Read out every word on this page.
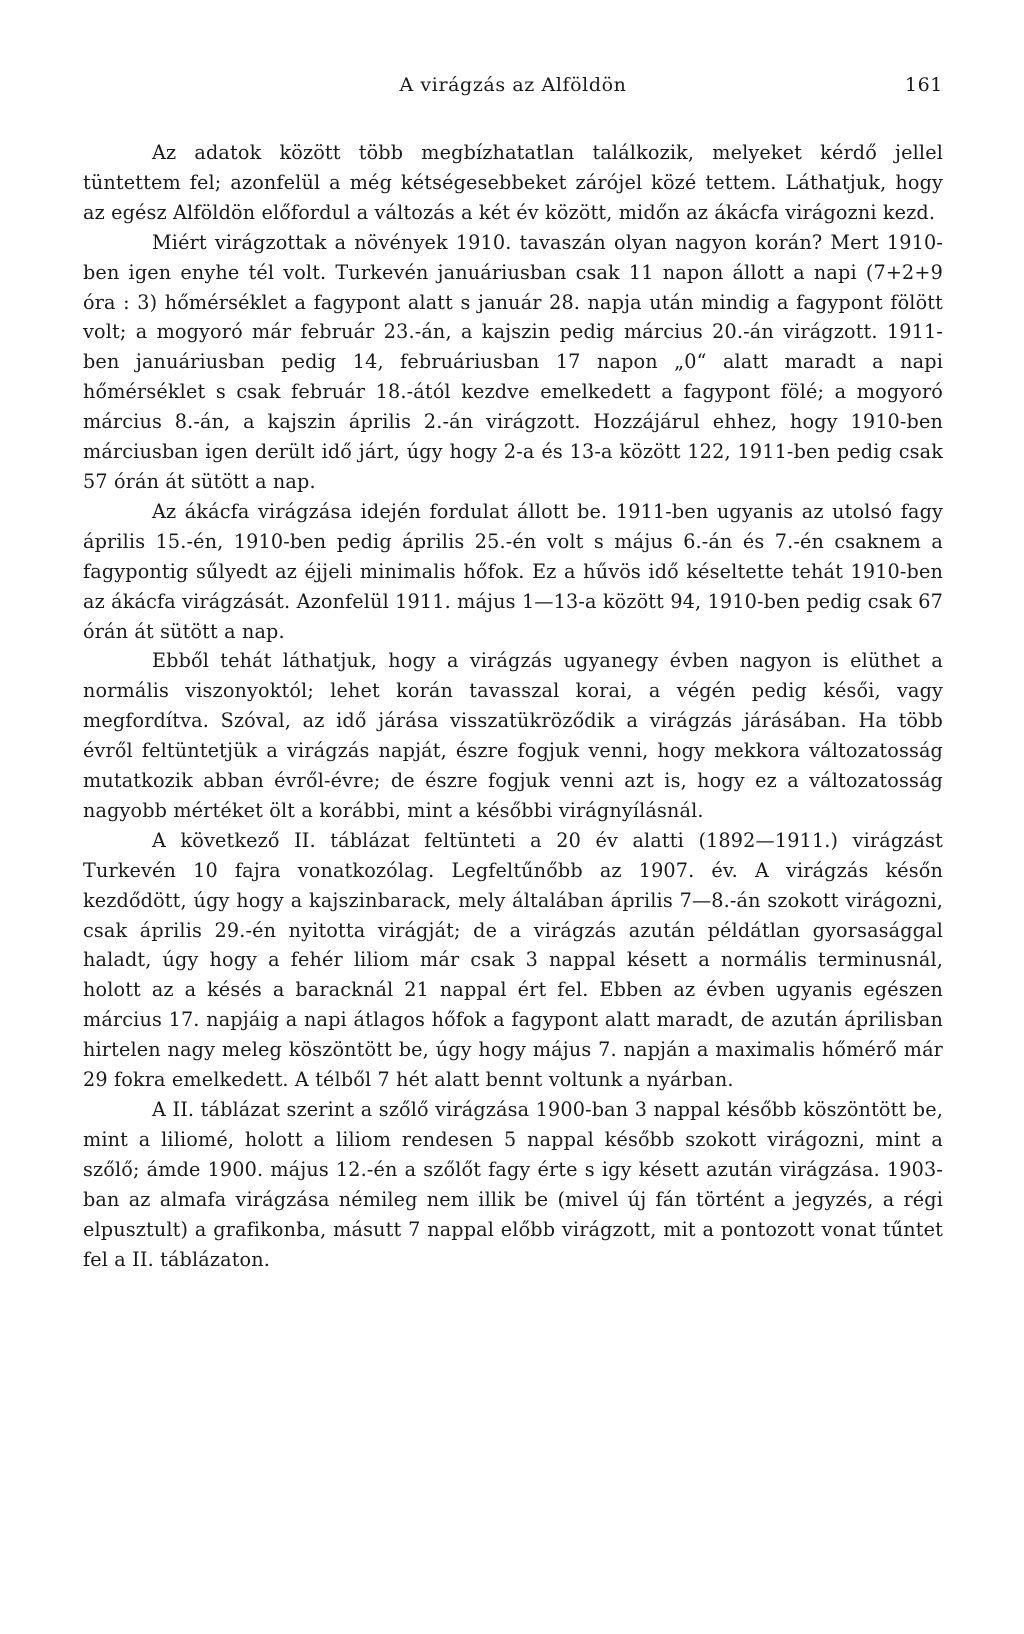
A virágzás az Alföldön	161

Az adatok között több megbízhatatlan találkozik, melyeket kérdő jellel tüntettem fel; azonfelül a még kétségesebbeket zárójel közé tettem. Láthatjuk, hogy az egész Alföldön előfordul a változás a két év között, midőn az ákácfa virágozni kezd.

Miért virágzottak a növények 1910. tavaszán olyan nagyon korán? Mert 1910-ben igen enyhe tél volt. Turkevén januáriusban csak 11 napon állott a napi (7+2+9 óra : 3) hőmérséklet a fagypont alatt s január 28. napja után mindig a fagypont fölött volt; a mogyoró már február 23.-án, a kajszin pedig március 20.-án virágzott. 1911-ben januáriusban pedig 14, februáriusban 17 napon „0“ alatt maradt a napi hőmérséklet s csak február 18.-ától kezdve emelkedett a fagypont fölé; a mogyoró március 8.-án, a kajszin április 2.-án virágzott. Hozzájárul ehhez, hogy 1910-ben márciusban igen derült idő járt, úgy hogy 2-a és 13-a között 122, 1911-ben pedig csak 57 órán át sütött a nap.

Az ákácfa virágzása idején fordulat állott be. 1911-ben ugyanis az utolsó fagy április 15.-én, 1910-ben pedig április 25.-én volt s május 6.-án és 7.-én csaknem a fagypontig sűlyedt az éjjeli minimalis hőfok. Ez a hűvös idő késeltette tehát 1910-ben az ákácfa virágzását. Azonfelül 1911. május 1—13-a között 94, 1910-ben pedig csak 67 órán át sütött a nap.

Ebből tehát láthatjuk, hogy a virágzás ugyanegy évben nagyon is elüthet a normális viszonyoktól; lehet korán tavasszal korai, a végén pedig késői, vagy megfordítva. Szóval, az idő járása visszatükröződik a virágzás járásában. Ha több évről feltüntetjük a virágzás napját, észre fogjuk venni, hogy mekkora változatosság mutatkozik abban évről-évre; de észre fogjuk venni azt is, hogy ez a változatosság nagyobb mértéket ölt a korábbi, mint a későbbi virágnyílásnál.

A következő II. táblázat feltünteti a 20 év alatti (1892—1911.) virágzást Turkevén 10 fajra vonatkozólag. Legfeltűnőbb az 1907. év. A virágzás későn kezdődött, úgy hogy a kajszinbarack, mely általában április 7—8.-án szokott virágozni, csak április 29.-én nyitotta virágját; de a virágzás azután példátlan gyorsasággal haladt, úgy hogy a fehér liliom már csak 3 nappal késett a normális terminusnál, holott az a késés a baracknál 21 nappal ért fel. Ebben az évben ugyanis egészen március 17. napjáig a napi átlagos hőfok a fagypont alatt maradt, de azután áprilisban hirtelen nagy meleg köszöntött be, úgy hogy május 7. napján a maximalis hőmérő már 29 fokra emelkedett. A télből 7 hét alatt bennt voltunk a nyárban.

A II. táblázat szerint a szőlő virágzása 1900-ban 3 nappal később köszöntött be, mint a liliomé, holott a liliom rendesen 5 nappal később szokott virágozni, mint a szőlő; ámde 1900. május 12.-én a szőlőt fagy érte s igy késett azután virágzása. 1903-ban az almafa virágzása némileg nem illik be (mivel új fán történt a jegyzés, a régi elpusztult) a grafikonba, másutt 7 nappal előbb virágzott, mit a pontozott vonat tűntet fel a II. táblázaton.
